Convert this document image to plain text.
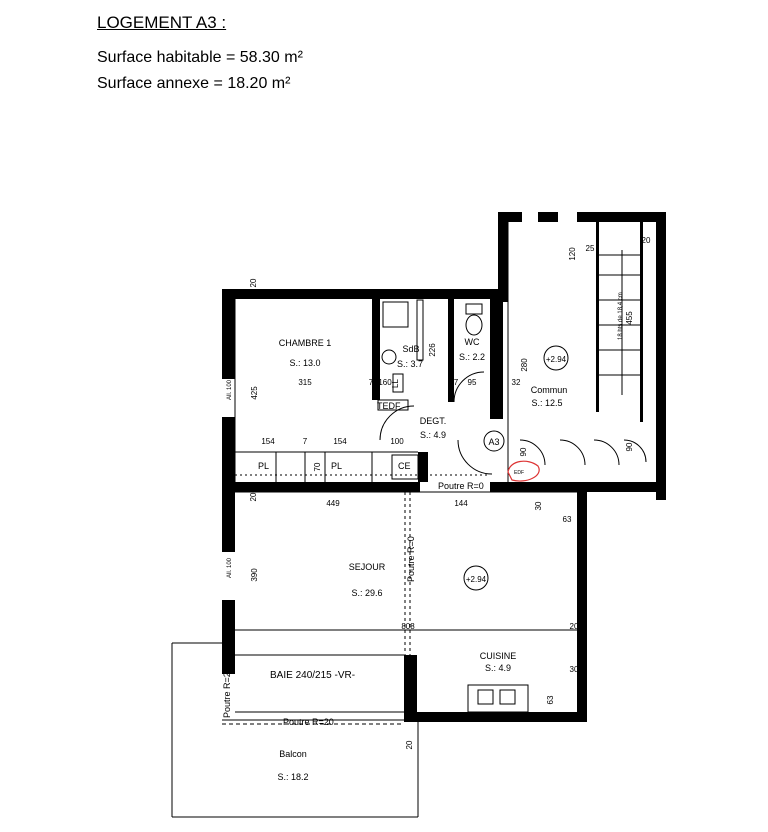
LOGEMENT A3 :
Surface habitable = 58.30 m²
Surface annexe = 18.20 m²
CHAMBRE 1
S.: 13.0
SdB
S.: 3.7
WC
S.: 2.2
DEGT.
S.: 4.9
Commun
S.: 12.5
SEJOUR
S.: 29.6
CUISINE
S.: 4.9
Balcon
S.: 18.2
+2.94
+2.94
A3
TEDF
PL	PL	CE
EDF
BAIE 240/215 -VR-
Poutre R=0
Poutre R=20
Poutre R=0
Poutre R=20
LL
18 hts de 18,4 cm
All. 120	All. 120
All. 110
All. 100
All. 100
20
425
315	7 160
226
7 95	32
280
120 25
20
455
154	7	154	100
70
90
90
20
449	144	30
63
390
808	20
30
63
20
